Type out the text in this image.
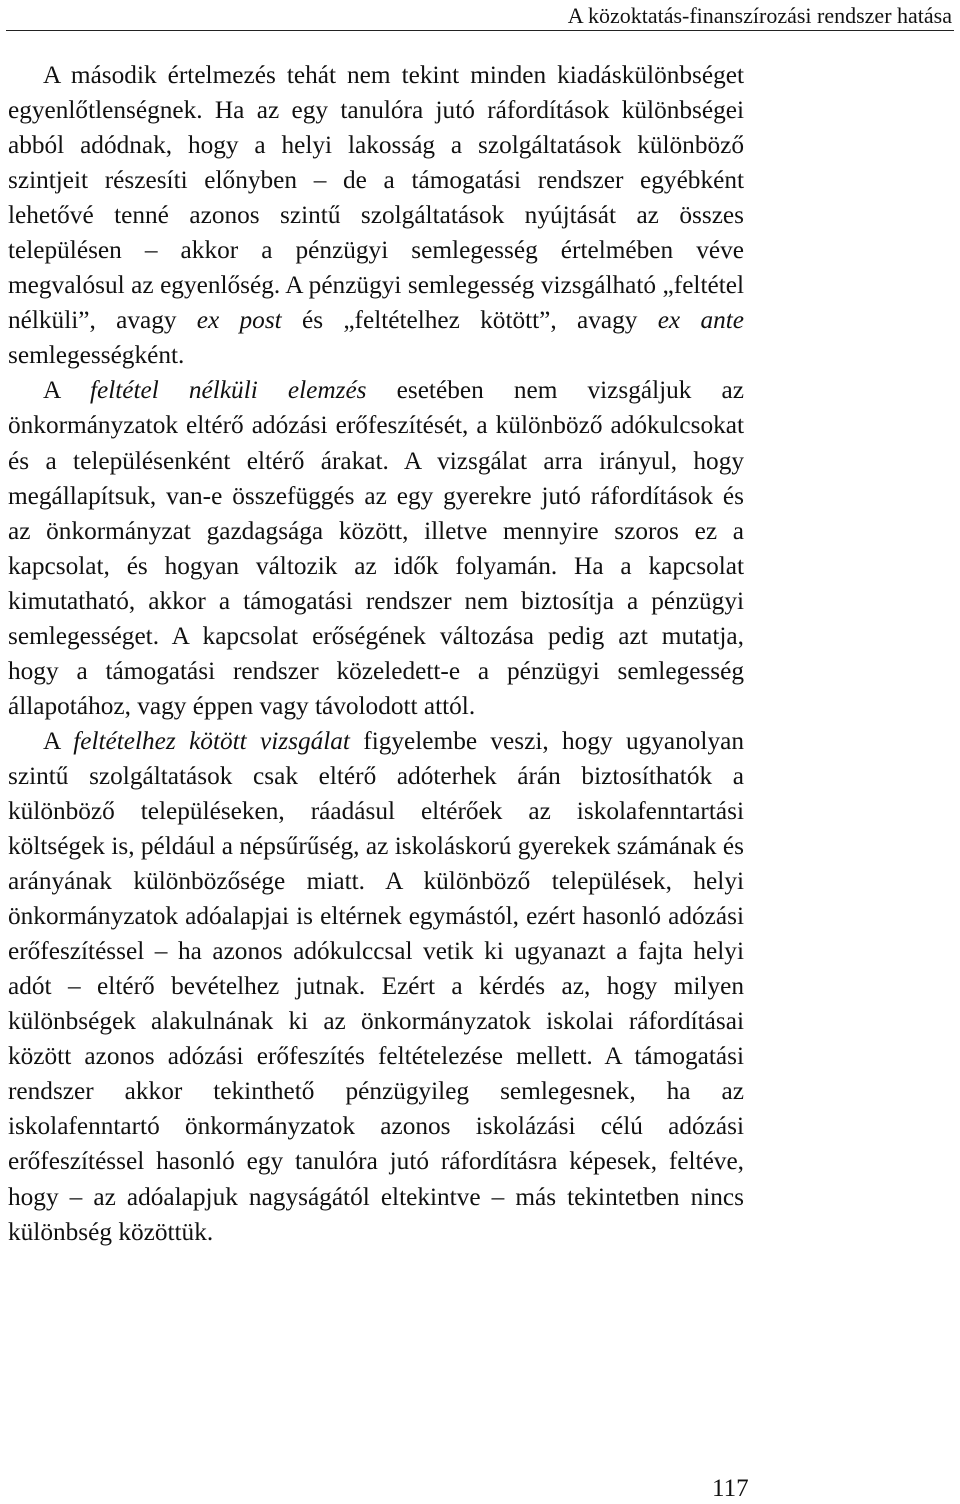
A közoktatás-finanszírozási rendszer hatása

A második értelmezés tehát nem tekint minden kiadáskülönbséget egyenlőtlenségnek. Ha az egy tanulóra jutó ráfordítások különbségei abból adódnak, hogy a helyi lakosság a szolgáltatások különböző szintjeit részesíti előnyben – de a támogatási rendszer egyébként lehetővé tenné azonos szintű szolgáltatások nyújtását az összes településen – akkor a pénzügyi semlegesség értelmében véve megvalósul az egyenlőség. A pénzügyi semlegesség vizsgálható „feltétel nélküli”, avagy ex post és „feltételhez kötött”, avagy ex ante semlegességként.

A feltétel nélküli elemzés esetében nem vizsgáljuk az önkormányzatok eltérő adózási erőfeszítését, a különböző adókulcsokat és a településenként eltérő árakat. A vizsgálat arra irányul, hogy megállapítsuk, van-e összefüggés az egy gyerekre jutó ráfordítások és az önkormányzat gazdagsága között, illetve mennyire szoros ez a kapcsolat, és hogyan változik az idők folyamán. Ha a kapcsolat kimutatható, akkor a támogatási rendszer nem biztosítja a pénzügyi semlegességet. A kapcsolat erőségének változása pedig azt mutatja, hogy a támogatási rendszer közeledett-e a pénzügyi semlegesség állapotához, vagy éppen vagy távolodott attól.

A feltételhez kötött vizsgálat figyelembe veszi, hogy ugyanolyan szintű szolgáltatások csak eltérő adóterhek árán biztosíthatók a különböző településeken, ráadásul eltérőek az iskolafenntartási költségek is, például a népsűrűség, az iskoláskorú gyerekek számának és arányának különbözősége miatt. A különböző települések, helyi önkormányzatok adóalapjai is eltérnek egymástól, ezért hasonló adózási erőfeszítéssel – ha azonos adókulccsal vetik ki ugyanazt a fajta helyi adót – eltérő bevételhez jutnak. Ezért a kérdés az, hogy milyen különbségek alakulnának ki az önkormányzatok iskolai ráfordításai között azonos adózási erőfeszítés feltételezése mellett. A támogatási rendszer akkor tekinthető pénzügyileg semlegesnek, ha az iskolafenntartó önkormányzatok azonos iskolázási célú adózási erőfeszítéssel hasonló egy tanulóra jutó ráfordításra képesek, feltéve, hogy – az adóalapjuk nagyságától eltekintve – más tekintetben nincs különbség közöttük.

117
